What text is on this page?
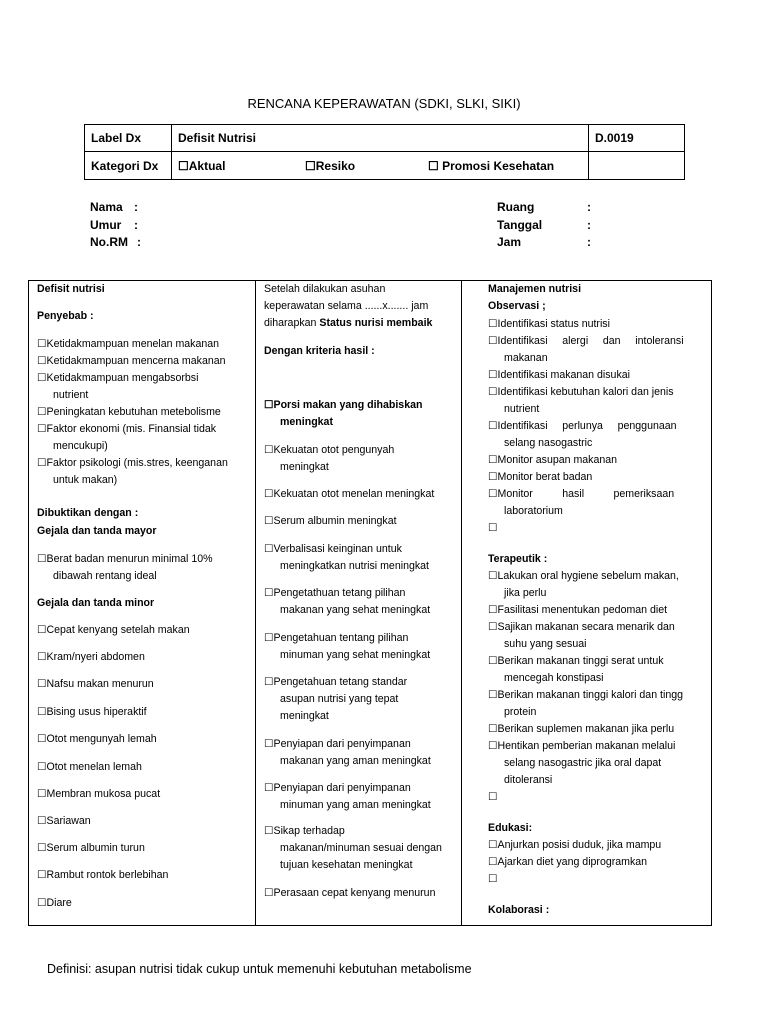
RENCANA KEPERAWATAN (SDKI, SLKI, SIKI)
Label Dx	Defisit Nutrisi	D.0019
Kategori Dx	☐Aktual ☐Resiko ☐ Promosi Kesehatan	

Nama :
Umur	:
No.RM :
Ruang	:
Tanggal	:
Jam	:
Defisit nutrisi
Penyebab :
☐Ketidakmampuan menelan makanan
☐Ketidakmampuan mencerna makanan
☐Ketidakmampuan mengabsorbsi
nutrient
☐Peningkatan kebutuhan metebolisme
☐Faktor ekonomi (mis. Finansial tidak
mencukupi)
☐Faktor psikologi (mis.stres, keenganan
untuk makan)
Dibuktikan dengan :
Gejala dan tanda mayor
☐Berat badan menurun minimal 10%
dibawah rentang ideal
Gejala dan tanda minor
☐Cepat kenyang setelah makan
☐Kram/nyeri abdomen
☐Nafsu makan menurun
☐Bising usus hiperaktif
☐Otot mengunyah lemah
☐Otot menelan lemah
☐Membran mukosa pucat
☐Sariawan
☐Serum albumin turun
☐Rambut rontok berlebihan
☐Diare
Setelah dilakukan asuhan
keperawatan selama ......x....... jam
diharapkan Status nurisi membaik
Dengan kriteria hasil :
☐Porsi makan yang dihabiskan
meningkat
☐Kekuatan otot pengunyah
meningkat
☐Kekuatan otot menelan meningkat
☐Serum albumin meningkat
☐Verbalisasi keinginan untuk
meningkatkan nutrisi meningkat
☐Pengetathuan tetang pilihan
makanan yang sehat meningkat
☐Pengetahuan tentang pilihan
minuman yang sehat meningkat
☐Pengetahuan tetang standar
asupan nutrisi yang tepat
meningkat
☐Penyiapan dari penyimpanan
makanan yang aman meningkat
☐Penyiapan dari penyimpanan
minuman yang aman meningkat
☐Sikap terhadap
makanan/minuman sesuai dengan
tujuan kesehatan meningkat
☐Perasaan cepat kenyang menurun
Manajemen nutrisi
Observasi ;
☐Identifikasi status nutrisi
☐Identifikasi     alergi     dan     intoleransi
makanan
☐Identifikasi makanan disukai
☐Identifikasi kebutuhan kalori dan jenis
nutrient
☐Identifikasi     perlunya     penggunaan
selang nasogastric
☐Monitor asupan makanan
☐Monitor berat badan
☐Monitor          hasil          pemeriksaan
laboratorium
☐
Terapeutik :
☐Lakukan oral hygiene sebelum makan,
jika perlu
☐Fasilitasi menentukan pedoman diet
☐Sajikan makanan secara menarik dan
suhu yang sesuai
☐Berikan makanan tinggi serat untuk
mencegah konstipasi
☐Berikan makanan tinggi kalori dan tingg
protein
☐Berikan suplemen makanan jika perlu
☐Hentikan pemberian makanan melalui
selang nasogastric jika oral dapat
ditoleransi
☐
Edukasi:
☐Anjurkan posisi duduk, jika mampu
☐Ajarkan diet yang diprogramkan
☐
Kolaborasi :
Definisi: asupan nutrisi tidak cukup untuk memenuhi kebutuhan metabolisme
